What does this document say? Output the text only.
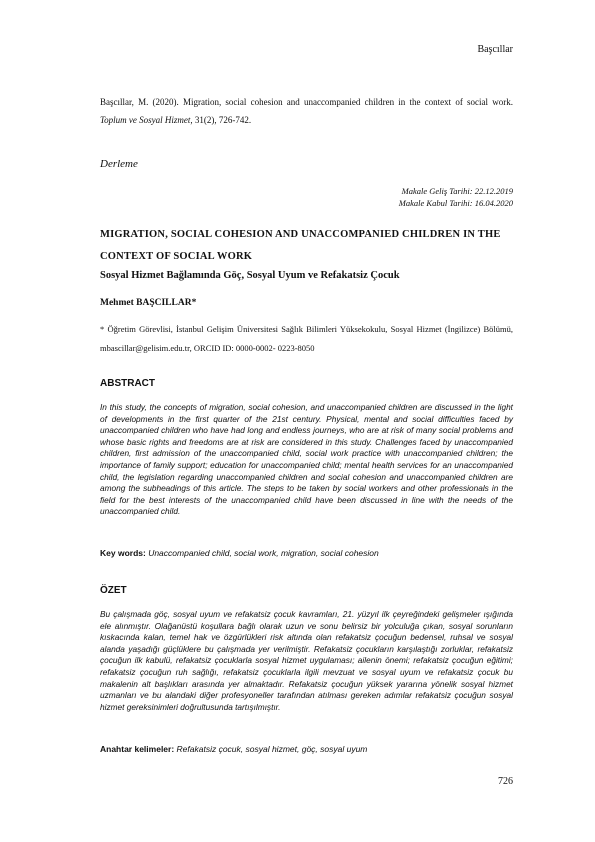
Başcıllar
Başcıllar, M. (2020). Migration, social cohesion and unaccompanied children in the context of social work. Toplum ve Sosyal Hizmet, 31(2), 726-742.
Derleme
Makale Geliş Tarihi: 22.12.2019
Makale Kabul Tarihi: 16.04.2020
MIGRATION, SOCIAL COHESION AND UNACCOMPANIED CHILDREN IN THE CONTEXT OF SOCIAL WORK
Sosyal Hizmet Bağlamında Göç, Sosyal Uyum ve Refakatsiz Çocuk
Mehmet BAŞCILLAR*
* Öğretim Görevlisi, İstanbul Gelişim Üniversitesi Sağlık Bilimleri Yüksekokulu, Sosyal Hizmet (İngilizce) Bölümü, mbascillar@gelisim.edu.tr, ORCID ID: 0000-0002- 0223-8050
ABSTRACT
In this study, the concepts of migration, social cohesion, and unaccompanied children are discussed in the light of developments in the first quarter of the 21st century. Physical, mental and social difficulties faced by unaccompanied children who have had long and endless journeys, who are at risk of many social problems and whose basic rights and freedoms are at risk are considered in this study. Challenges faced by unaccompanied children, first admission of the unaccompanied child, social work practice with unaccompanied children; the importance of family support; education for unaccompanied child; mental health services for an unaccompanied child, the legislation regarding unaccompanied children and social cohesion and unaccompanied children are among the subheadings of this article. The steps to be taken by social workers and other professionals in the field for the best interests of the unaccompanied child have been discussed in line with the needs of the unaccompanied child.
Key words: Unaccompanied child, social work, migration, social cohesion
ÖZET
Bu çalışmada göç, sosyal uyum ve refakatsiz çocuk kavramları, 21. yüzyıl ilk çeyreğindeki gelişmeler ışığında ele alınmıştır. Olağanüstü koşullara bağlı olarak uzun ve sonu belirsiz bir yolculuğa çıkan, sosyal sorunların kıskacında kalan, temel hak ve özgürlükleri risk altında olan refakatsiz çocuğun bedensel, ruhsal ve sosyal alanda yaşadığı güçlüklere bu çalışmada yer verilmiştir. Refakatsiz çocukların karşılaştığı zorluklar, refakatsiz çocuğun ilk kabulü, refakatsiz çocuklarla sosyal hizmet uygulaması; ailenin önemi; refakatsiz çocuğun eğitimi; refakatsiz çocuğun ruh sağlığı, refakatsiz çocuklarla ilgili mevzuat ve sosyal uyum ve refakatsiz çocuk bu makalenin alt başlıkları arasında yer almaktadır. Refakatsiz çocuğun yüksek yararına yönelik sosyal hizmet uzmanları ve bu alandaki diğer profesyoneller tarafından atılması gereken adımlar refakatsiz çocuğun sosyal hizmet gereksinimleri doğrultusunda tartışılmıştır.
Anahtar kelimeler: Refakatsiz çocuk, sosyal hizmet, göç, sosyal uyum
726
